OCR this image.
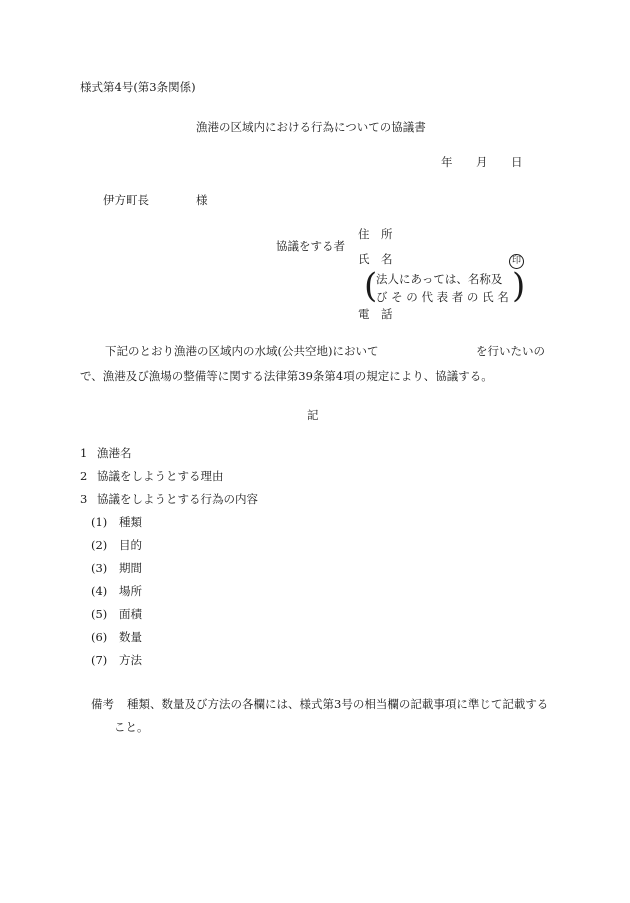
様式第4号(第3条関係)
漁港の区域内における行為についての協議書
年 月 日
伊方町長	様
協議をする者
住　所
氏　名	印
(
法人にあっては、名称及
び そ の 代 表 者 の 氏 名 )
電　話
下記のとおり漁港の区域内の水域(公共空地)において	を行いたいの
で、漁港及び漁場の整備等に関する法律第39条第4項の規定により、協議する。
記
1 漁港名
2 協議をしようとする理由
3 協議をしようとする行為の内容
(1) 種類
(2) 目的
(3) 期間
(4) 場所
(5) 面積
(6) 数量
(7) 方法
備考 種類、数量及び方法の各欄には、様式第3号の相当欄の記載事項に準じて記載する
こと。
